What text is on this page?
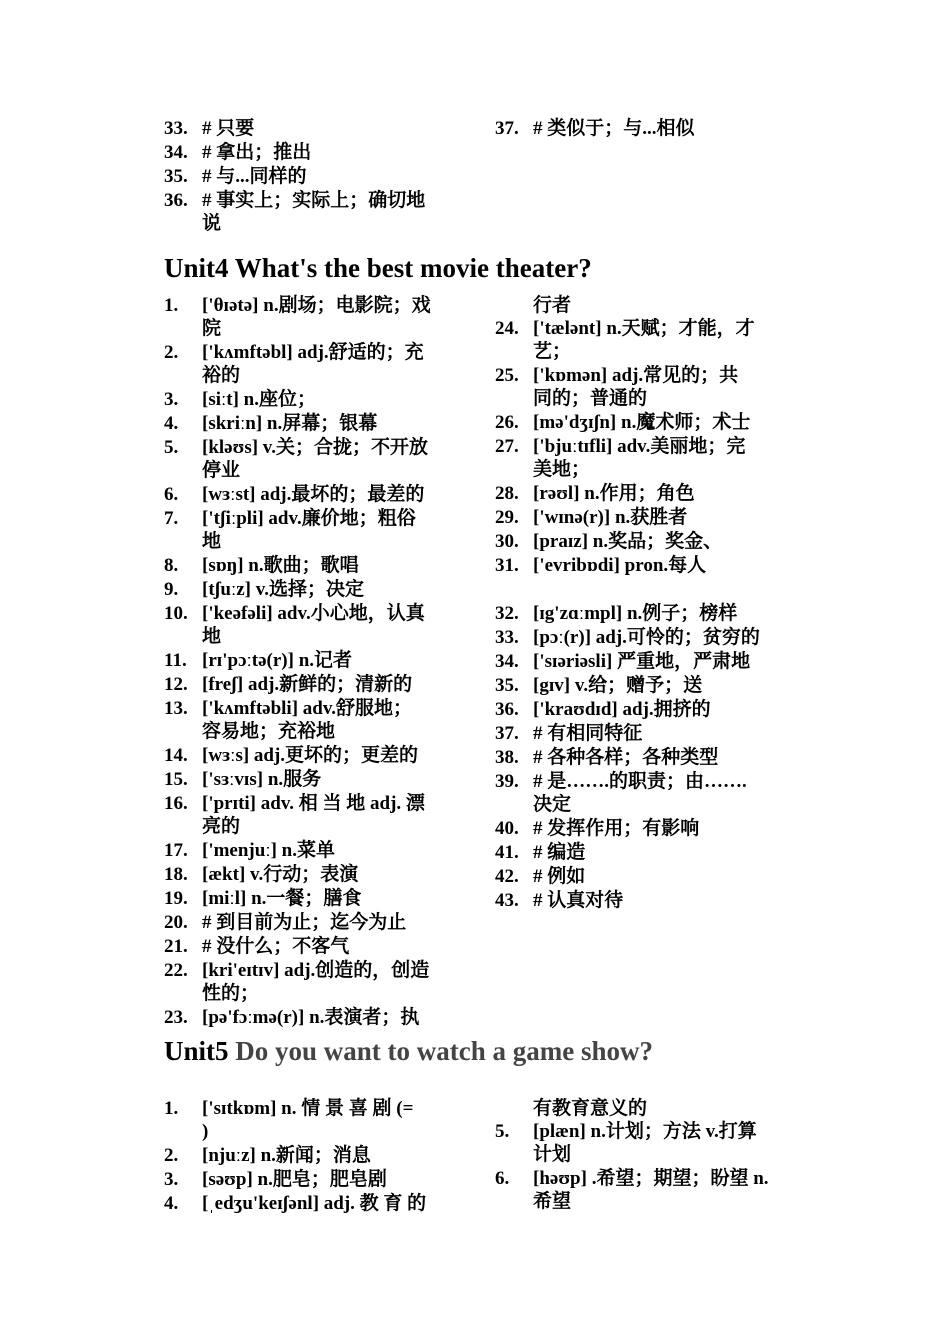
33. # 只要
34. # 拿出；推出
35. # 与...同样的
36. # 事实上；实际上；确切地
说
37. # 类似于；与...相似
1. ['θɪətə] n.剧场；电影院；戏
院
2. ['kʌmftəbl] adj.舒适的；充
裕的
3. [siːt] n.座位；
4. [skriːn] n.屏幕；银幕
5. [kləʊs] v.关；合拢；不开放
停业
6. [wɜːst] adj.最坏的；最差的
7. ['tʃiːpli] adv.廉价地；粗俗
地
8. [sɒŋ] n.歌曲；歌唱
9. [tʃuːz] v.选择；决定
10. ['keəfəli] adv.小心地，认真
地
11. [rɪ'pɔːtə(r)] n.记者
12. [freʃ] adj.新鲜的；清新的
13. ['kʌmftəbli] adv.舒服地；
容易地；充裕地
14. [wɜːs] adj.更坏的；更差的
15. ['sɜːvɪs] n.服务
16. ['prɪti] adv. 相 当 地 adj. 漂
亮的
17. ['menjuː] n.菜单
18. [ækt] v.行动；表演
19. [miːl] n.一餐；膳食
20. # 到目前为止；迄今为止
21. # 没什么；不客气
22. [kri'eɪtɪv] adj.创造的，创造
性的；
23. [pə'fɔːmə(r)] n.表演者；执
24. ['tælənt] n.天赋；才能，才
艺；
25. ['kɒmən] adj.常见的；共
同的；普通的
26. [mə'dʒɪʃn] n.魔术师；术士
27. ['bjuːtɪfli] adv.美丽地；完
美地；
28. [rəʊl] n.作用；角色
29. ['wɪnə(r)] n.获胜者
30. [praɪz] n.奖品；奖金、
31. ['evribɒdi] pron.每人
32. [ɪg'zɑːmpl] n.例子；榜样
33. [pɔː(r)] adj.可怜的；贫穷的
34. ['sɪəriəsli] 严重地，严肃地
35. [gɪv] v.给；赠予；送
36. ['kraʊdɪd] adj.拥挤的
37. # 有相同特征
38. # 各种各样；各种类型
39. # 是…….的职责；由…….
决定
40. # 发挥作用；有影响
41. # 编造
42. # 例如
43. # 认真对待
1. ['sɪtkɒm] n. 情 景 喜 剧 (=
)
2. [njuːz] n.新闻；消息
3. [səʊp] n.肥皂；肥皂剧
4. [ˌedʒu'keɪʃənl] adj. 教 育 的
5. [plæn] n.计划；方法 v.打算
计划
6. [həʊp] .希望；期望；盼望 n.
希望
Unit4 What's the best movie theater?
Unit5 Do you want to watch a game show?
行者
有教育意义的
